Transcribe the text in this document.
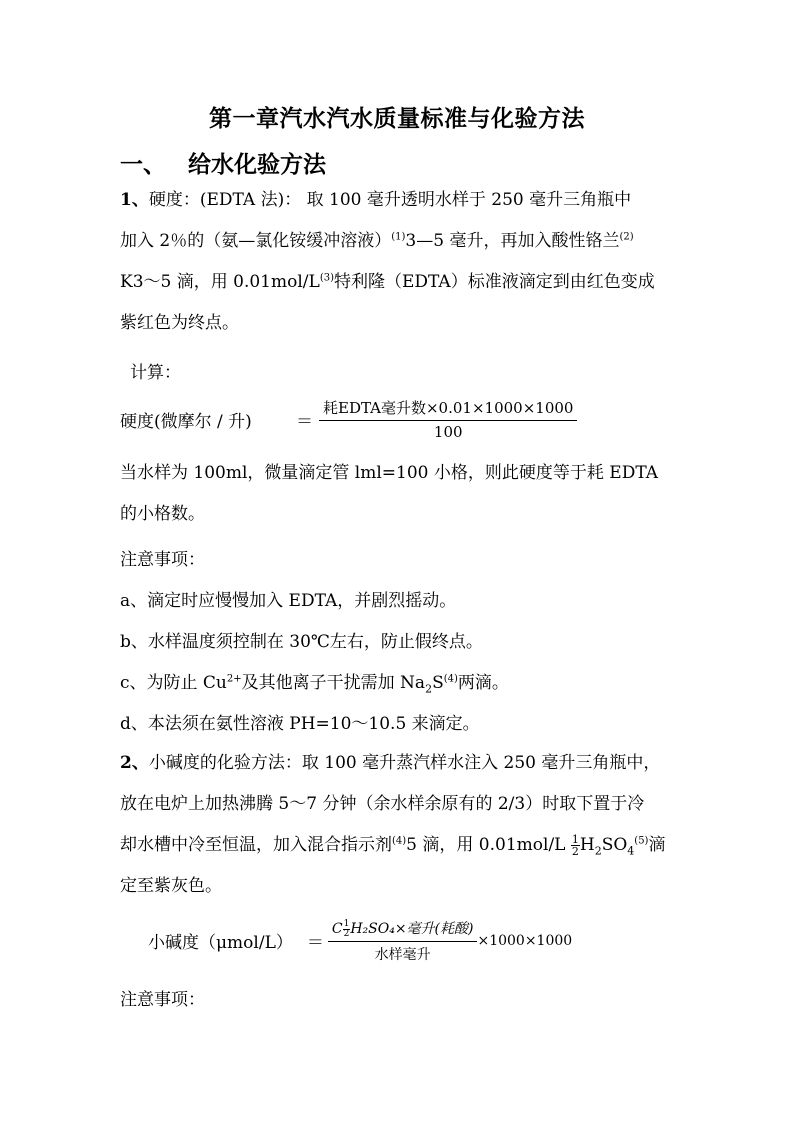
第一章汽水汽水质量标准与化验方法
一、 给水化验方法
1、硬度：(EDTA 法)： 取 100 毫升透明水样于 250 毫升三角瓶中
加入 2％的（氨—氯化铵缓冲溶液）$^{(1)}$3—5 毫升，再加入酸性铬兰$^{(2)}$
K3～5 滴，用 $0.01mol/L^{(3)}$特利隆（EDTA）标准液滴定到由红色变成
紫红色为终点。
计算：
硬度(微摩尔 / 升)	＝ $\frac{\text{耗EDTA毫升数×0.01×1000×1000}}{100}$
当水样为 100ml，微量滴定管 lml=100 小格，则此硬度等于耗 EDTA
的小格数。
注意事项：
a、滴定时应慢慢加入 EDTA，并剧烈摇动。
b、水样温度须控制在 30℃左右，防止假终点。
c、为防止 $Cu^{2+}$及其他离子干扰需加 $Na_2S^{(4)}$两滴。
d、本法须在氨性溶液 PH=10～10.5 来滴定。
2、小碱度的化验方法：取 100 毫升蒸汽样水注入 250 毫升三角瓶中，
放在电炉上加热沸腾 5～7 分钟（余水样余原有的 2/3）时取下置于冷
却水槽中冷至恒温，加入混合指示剂$^{(4)}$5 滴，用 $0.01mol/L \frac{1}{2} H_2SO_4^{(5)}$滴
定至紫灰色。
小碱度$(\mu mol/L) = \frac{C \frac{1}{2} H_2SO_4\times 毫升(耗酸)}{\text{水样毫升}} \times 1000\times 1000$
注意事项：
